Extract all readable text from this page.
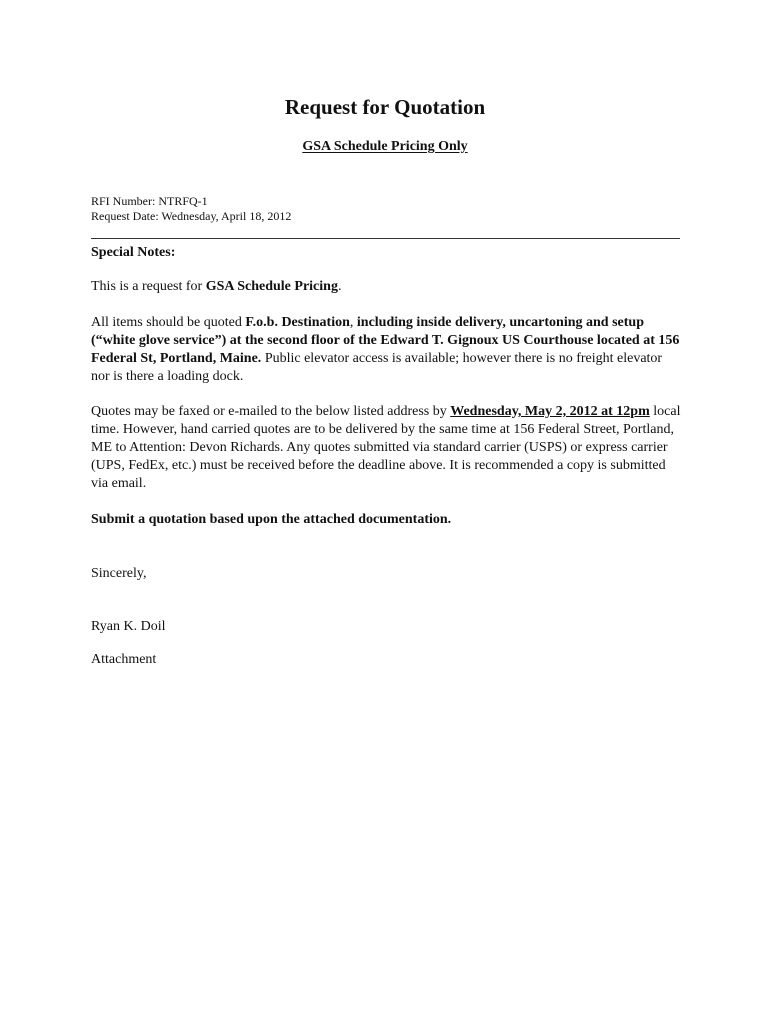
Request for Quotation
GSA Schedule Pricing Only
RFI Number: NTRFQ-1
Request Date: Wednesday, April 18, 2012
Special Notes:
This is a request for GSA Schedule Pricing.
All items should be quoted F.o.b. Destination, including inside delivery, uncartoning and setup (“white glove service”) at the second floor of the Edward T. Gignoux US Courthouse located at 156 Federal St, Portland, Maine. Public elevator access is available; however there is no freight elevator nor is there a loading dock.
Quotes may be faxed or e-mailed to the below listed address by Wednesday, May 2, 2012 at 12pm local time. However, hand carried quotes are to be delivered by the same time at 156 Federal Street, Portland, ME to Attention: Devon Richards. Any quotes submitted via standard carrier (USPS) or express carrier (UPS, FedEx, etc.) must be received before the deadline above. It is recommended a copy is submitted via email.
Submit a quotation based upon the attached documentation.
Sincerely,
Ryan K. Doil
Attachment
